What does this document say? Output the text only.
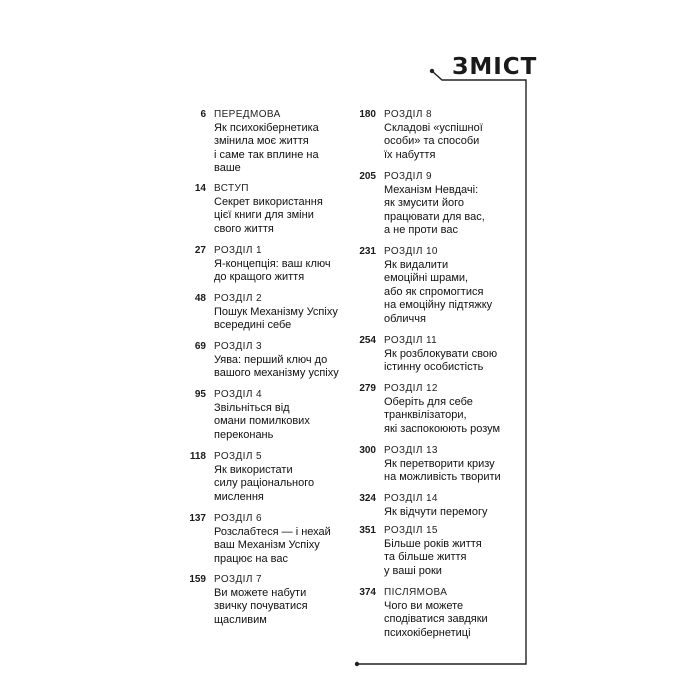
ЗМІСТ
6 ПЕРЕДМОВА
Як психокібернетика
змінила моє життя
і саме так вплине на
ваше
14 ВСТУП
Секрет використання
цієї книги для зміни
свого життя
27 РОЗДІЛ 1
Я-концепція: ваш ключ
до кращого життя
48 РОЗДІЛ 2
Пошук Механізму Успіху
всередині себе
69 РОЗДІЛ 3
Уява: перший ключ до
вашого механізму успіху
95 РОЗДІЛ 4
Звільніться від
омани помилкових
переконань
118 РОЗДІЛ 5
Як використати
силу раціонального
мислення
137 РОЗДІЛ 6
Розслабтеся — і нехай
ваш Механізм Успіху
працює на вас
159 РОЗДІЛ 7
Ви можете набути
звичку почуватися
щасливим
180 РОЗДІЛ 8
Складові «успішної
особи» та способи
їх набуття
205 РОЗДІЛ 9
Механізм Невдачі:
як змусити його
працювати для вас,
а не проти вас
231 РОЗДІЛ 10
Як видалити
емоційні шрами,
або як спромогтися
на емоційну підтяжку
обличчя
254 РОЗДІЛ 11
Як розблокувати свою
істинну особистість
279 РОЗДІЛ 12
Оберіть для себе
транквілізатори,
які заспокоюють розум
300 РОЗДІЛ 13
Як перетворити кризу
на можливість творити
324 РОЗДІЛ 14
Як відчути перемогу
351 РОЗДІЛ 15
Більше років життя
та більше життя
у ваші роки
374 ПІСЛЯМОВА
Чого ви можете
сподіватися завдяки
психокібернетиці
